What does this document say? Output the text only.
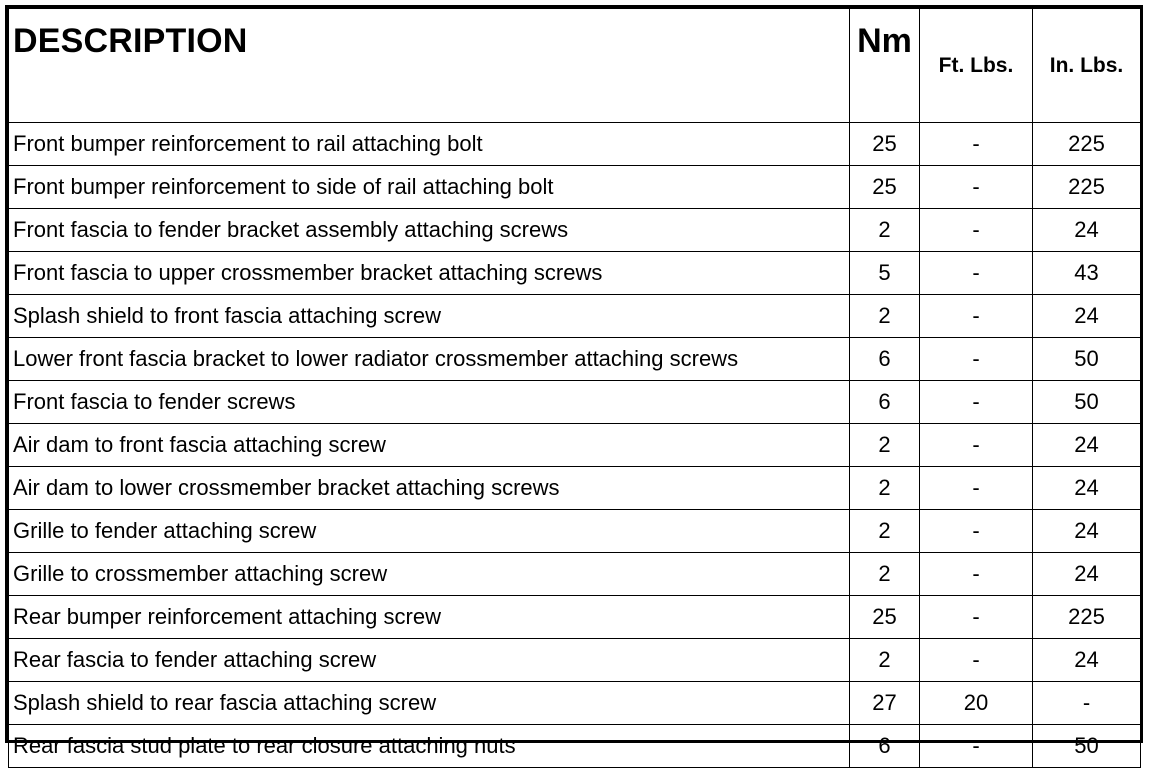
DESCRIPTION	Nm	Ft. Lbs.	In. Lbs.
Front bumper reinforcement to rail attaching bolt	25	-	225
Front bumper reinforcement to side of rail attaching bolt	25	-	225
Front fascia to fender bracket assembly attaching screws	2	-	24
Front fascia to upper crossmember bracket attaching screws	5	-	43
Splash shield to front fascia attaching screw	2	-	24
Lower front fascia bracket to lower radiator crossmember attaching screws	6	-	50
Front fascia to fender screws	6	-	50
Air dam to front fascia attaching screw	2	-	24
Air dam to lower crossmember bracket attaching screws	2	-	24
Grille to fender attaching screw	2	-	24
Grille to crossmember attaching screw	2	-	24
Rear bumper reinforcement attaching screw	25	-	225
Rear fascia to fender attaching screw	2	-	24
Splash shield to rear fascia attaching screw	27	20	-
Rear fascia stud plate to rear closure attaching nuts	6	-	50
